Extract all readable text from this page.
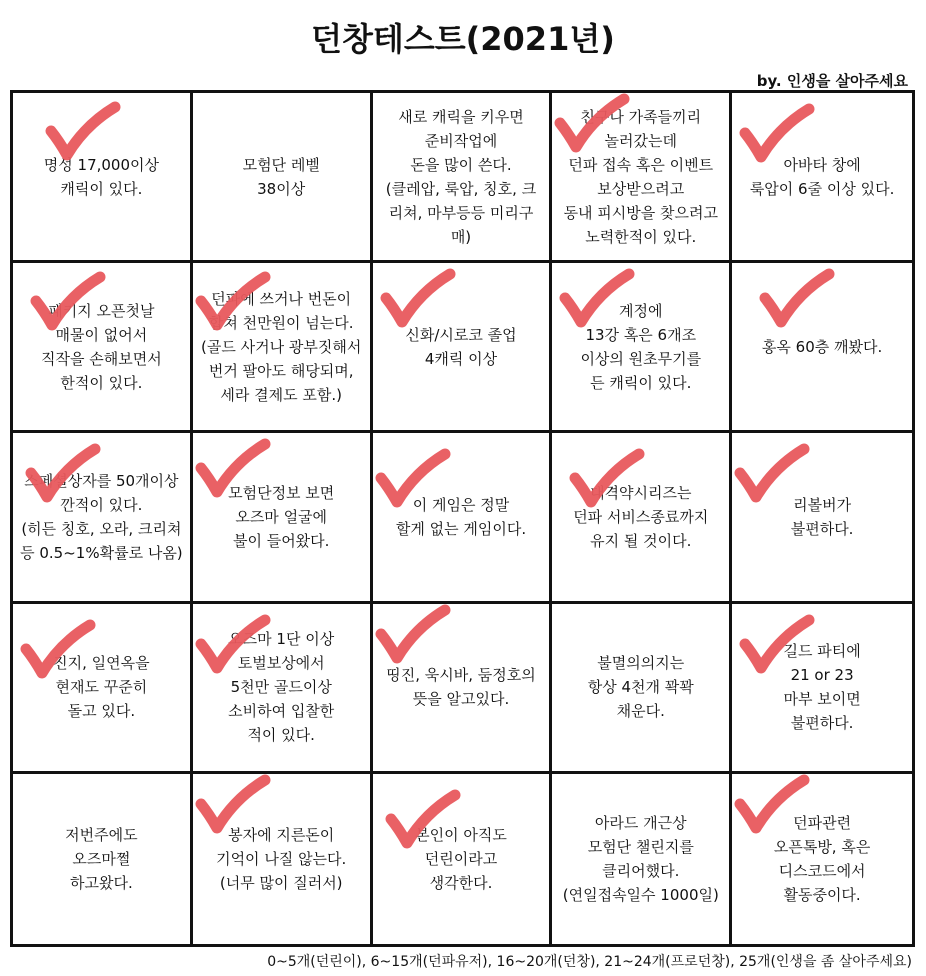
던창테스트(2021년)
by. 인생을 살아주세요
명성 17,000이상
캐릭이 있다.
모험단 레벨
38이상
새로 캐릭을 키우면
준비작업에
돈을 많이 쓴다.
(클레압, 룩압, 칭호, 크
리쳐, 마부등등 미리구
매)
친구나 가족들끼리
놀러갔는데
던파 접속 혹은 이벤트
보상받으려고
동내 피시방을 찾으려고
노력한적이 있다.
아바타 창에
룩압이 6줄 이상 있다.
패키지 오픈첫날
매물이 없어서
직작을 손해보면서
한적이 있다.
던파에 쓰거나 번돈이
합쳐 천만원이 넘는다.
(골드 사거나 광부짓해서
번거 팔아도 해당되며,
세라 결제도 포함.)
신화/시로코 졸업
4캐릭 이상
계정에
13강 혹은 6개조
이상의 원초무기를
든 캐릭이 있다.
홍옥 60층 깨봤다.
스페셜상자를 50개이상
깐적이 있다.
(히든 칭호, 오라, 크리쳐
등 0.5~1%확률로 나옴)
모험단정보 보면
오즈마 얼굴에
불이 들어왔다.
이 게임은 정말
할게 없는 게임이다.
대격약시리즈는
던파 서비스종료까지
유지 될 것이다.
리볼버가
불편하다.
진지, 일연옥을
현재도 꾸준히
돌고 있다.
오즈마 1단 이상
토벌보상에서
5천만 골드이상
소비하여 입찰한
적이 있다.
띵진, 욱시바, 둠정호의
뜻을 알고있다.
불멸의의지는
항상 4천개 꽉꽉
채운다.
길드 파티에
21 or 23
마부 보이면
불편하다.
저번주에도
오즈마쩔
하고왔다.
봉자에 지른돈이
기억이 나질 않는다.
(너무 많이 질러서)
본인이 아직도
던린이라고
생각한다.
아라드 개근상
모험단 챌린지를
클리어했다.
(연일접속일수 1000일)
던파관련
오픈톡방, 혹은
디스코드에서
활동중이다.
0~5개(던린이), 6~15개(던파유저), 16~20개(던창), 21~24개(프로던창), 25개(인생을 좀 살아주세요)
